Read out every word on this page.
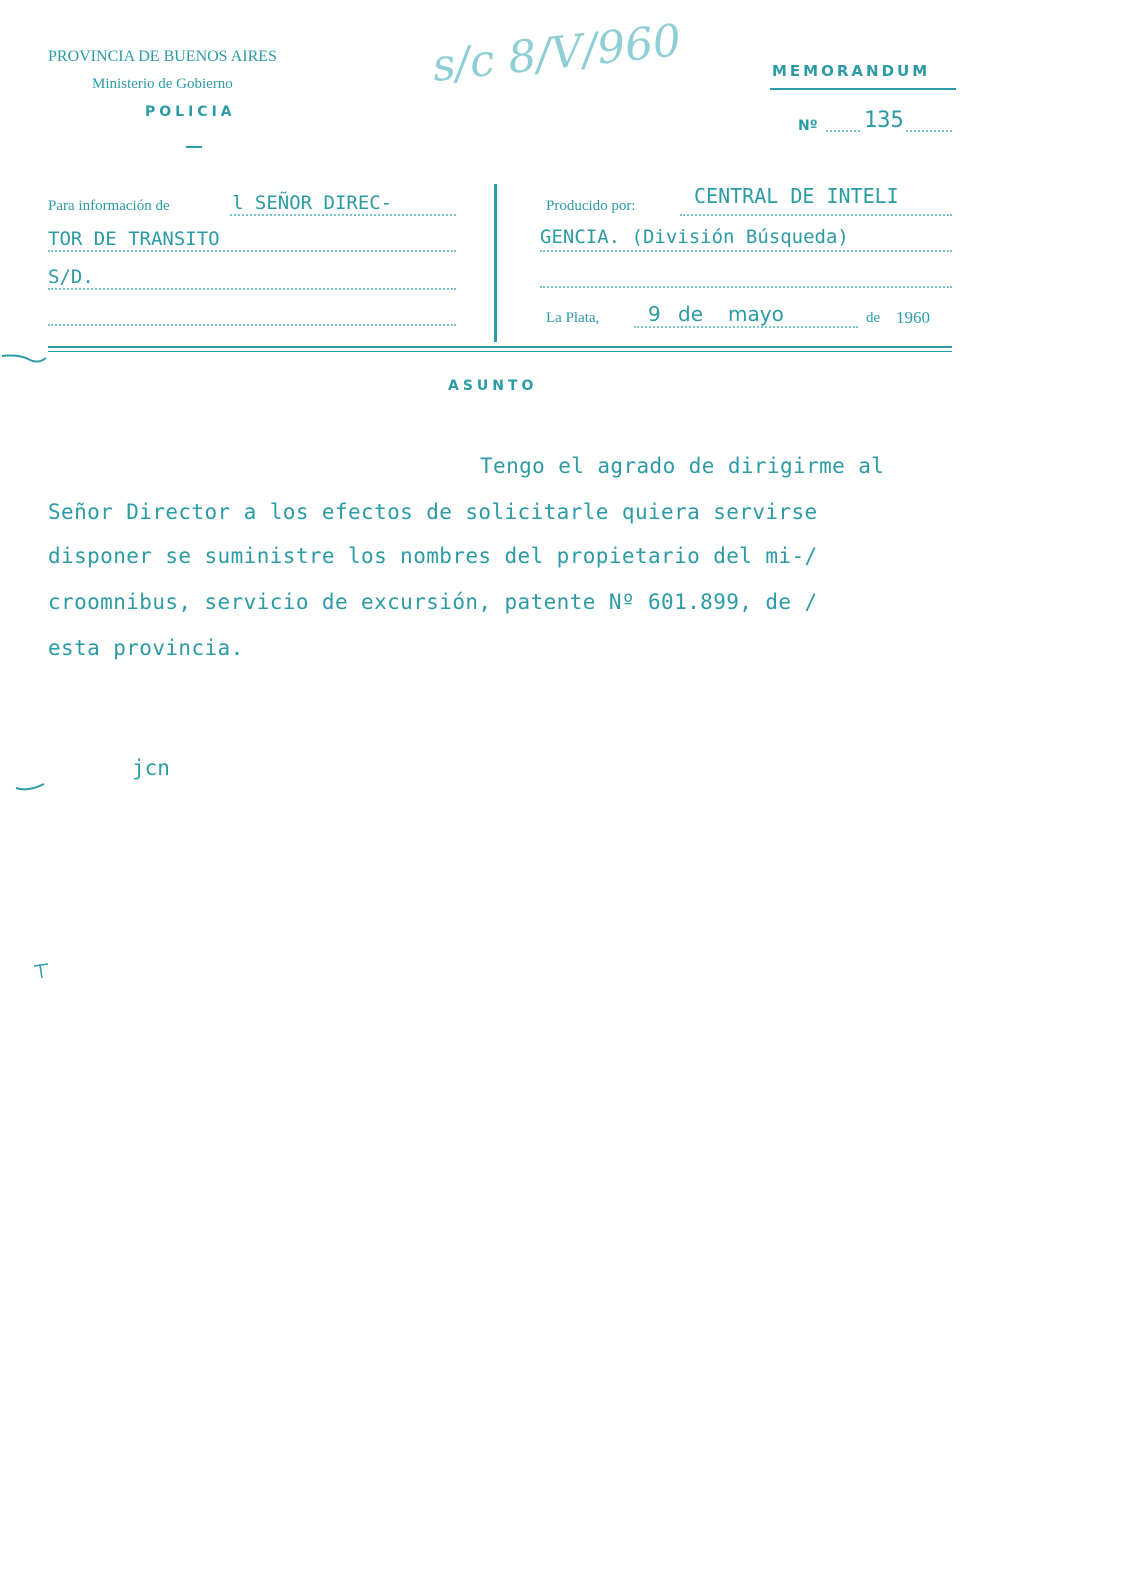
PROVINCIA DE BUENOS AIRES
Ministerio de Gobierno
POLICIA
s/c 8/V/960	MEMORANDUM
Nº 135
Para información de	l SEÑOR DIREC-
TOR DE TRANSITO
S/D.
Producido por:	CENTRAL DE INTELI
GENCIA. (División Búsqueda)
La Plata, 9 de mayo	de 1960
ASUNTO
Tengo el agrado de dirigirme al
Señor Director a los efectos de solicitarle quiera servirse
disponer se suministre los nombres del propietario del mi-/
croomnibus, servicio de excursión, patente Nº 601.899, de /
esta provincia.
jcn
